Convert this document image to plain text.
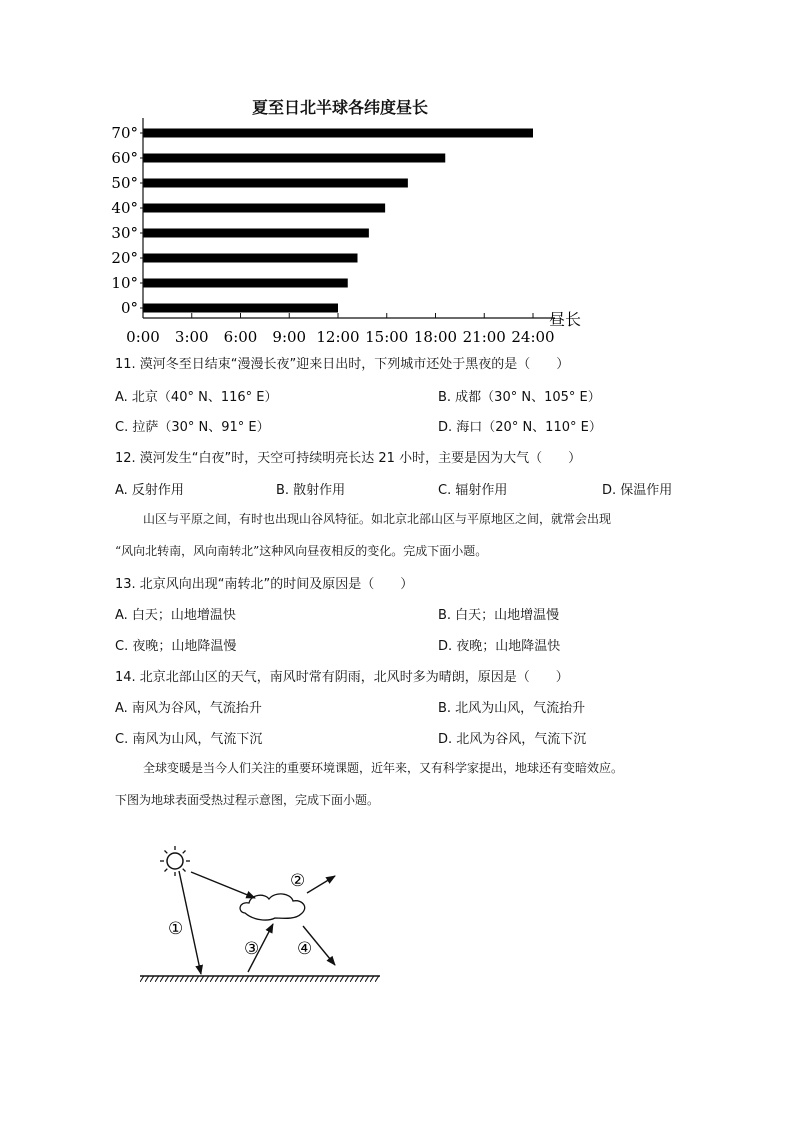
夏至日北半球各纬度昼长
70°
60°
50°
40°
30°
20°
10°
0°
0:00 3:00 6:00 9:00 12:00 15:00 18:00 21:00 24:00
昼长
11. 漠河冬至日结束“漫漫长夜”迎来日出时，下列城市还处于黑夜的是（　　）
A. 北京（40° N、116° E）	B. 成都（30° N、105° E）
C. 拉萨（30° N、91° E）	D. 海口（20° N、110° E）
12. 漠河发生“白夜”时，天空可持续明亮长达 21 小时，主要是因为大气（　　）
A. 反射作用	B. 散射作用	C. 辐射作用	D. 保温作用

山区与平原之间，有时也出现山谷风特征。如北京北部山区与平原地区之间，就常会出现

“风向北转南，风向南转北”这种风向昼夜相反的变化。完成下面小题。

13. 北京风向出现“南转北”的时间及原因是（　　）
A. 白天；山地增温快	B. 白天；山地增温慢
C. 夜晚；山地降温慢	D. 夜晚；山地降温快
14. 北京北部山区的天气，南风时常有阴雨，北风时多为晴朗，原因是（　　）
A. 南风为谷风，气流抬升	B. 北风为山风，气流抬升
C. 南风为山风，气流下沉	D. 北风为谷风，气流下沉

全球变暖是当今人们关注的重要环境课题，近年来，又有科学家提出，地球还有变暗效应。

下图为地球表面受热过程示意图，完成下面小题。

①
②
③ ④
